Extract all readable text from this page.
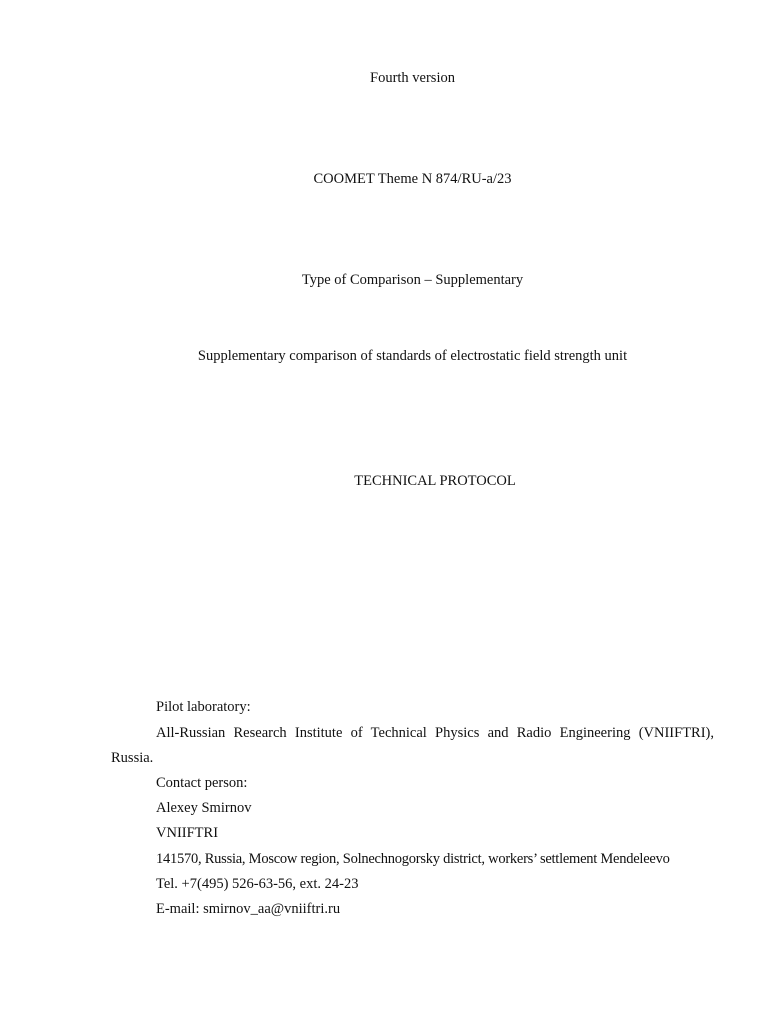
Fourth version
COOMET Theme N 874/RU-a/23
Type of Comparison – Supplementary
Supplementary comparison of standards of electrostatic field strength unit
TECHNICAL PROTOCOL
Pilot laboratory:
All-Russian Research Institute of Technical Physics and Radio Engineering (VNIIFTRI),
Russia.
Contact person:
Alexey Smirnov
VNIIFTRI
141570, Russia, Moscow region, Solnechnogorsky district, workers’ settlement Mendeleevo
Tel. +7(495) 526-63-56, ext. 24-23
E-mail: smirnov_aa@vniiftri.ru
